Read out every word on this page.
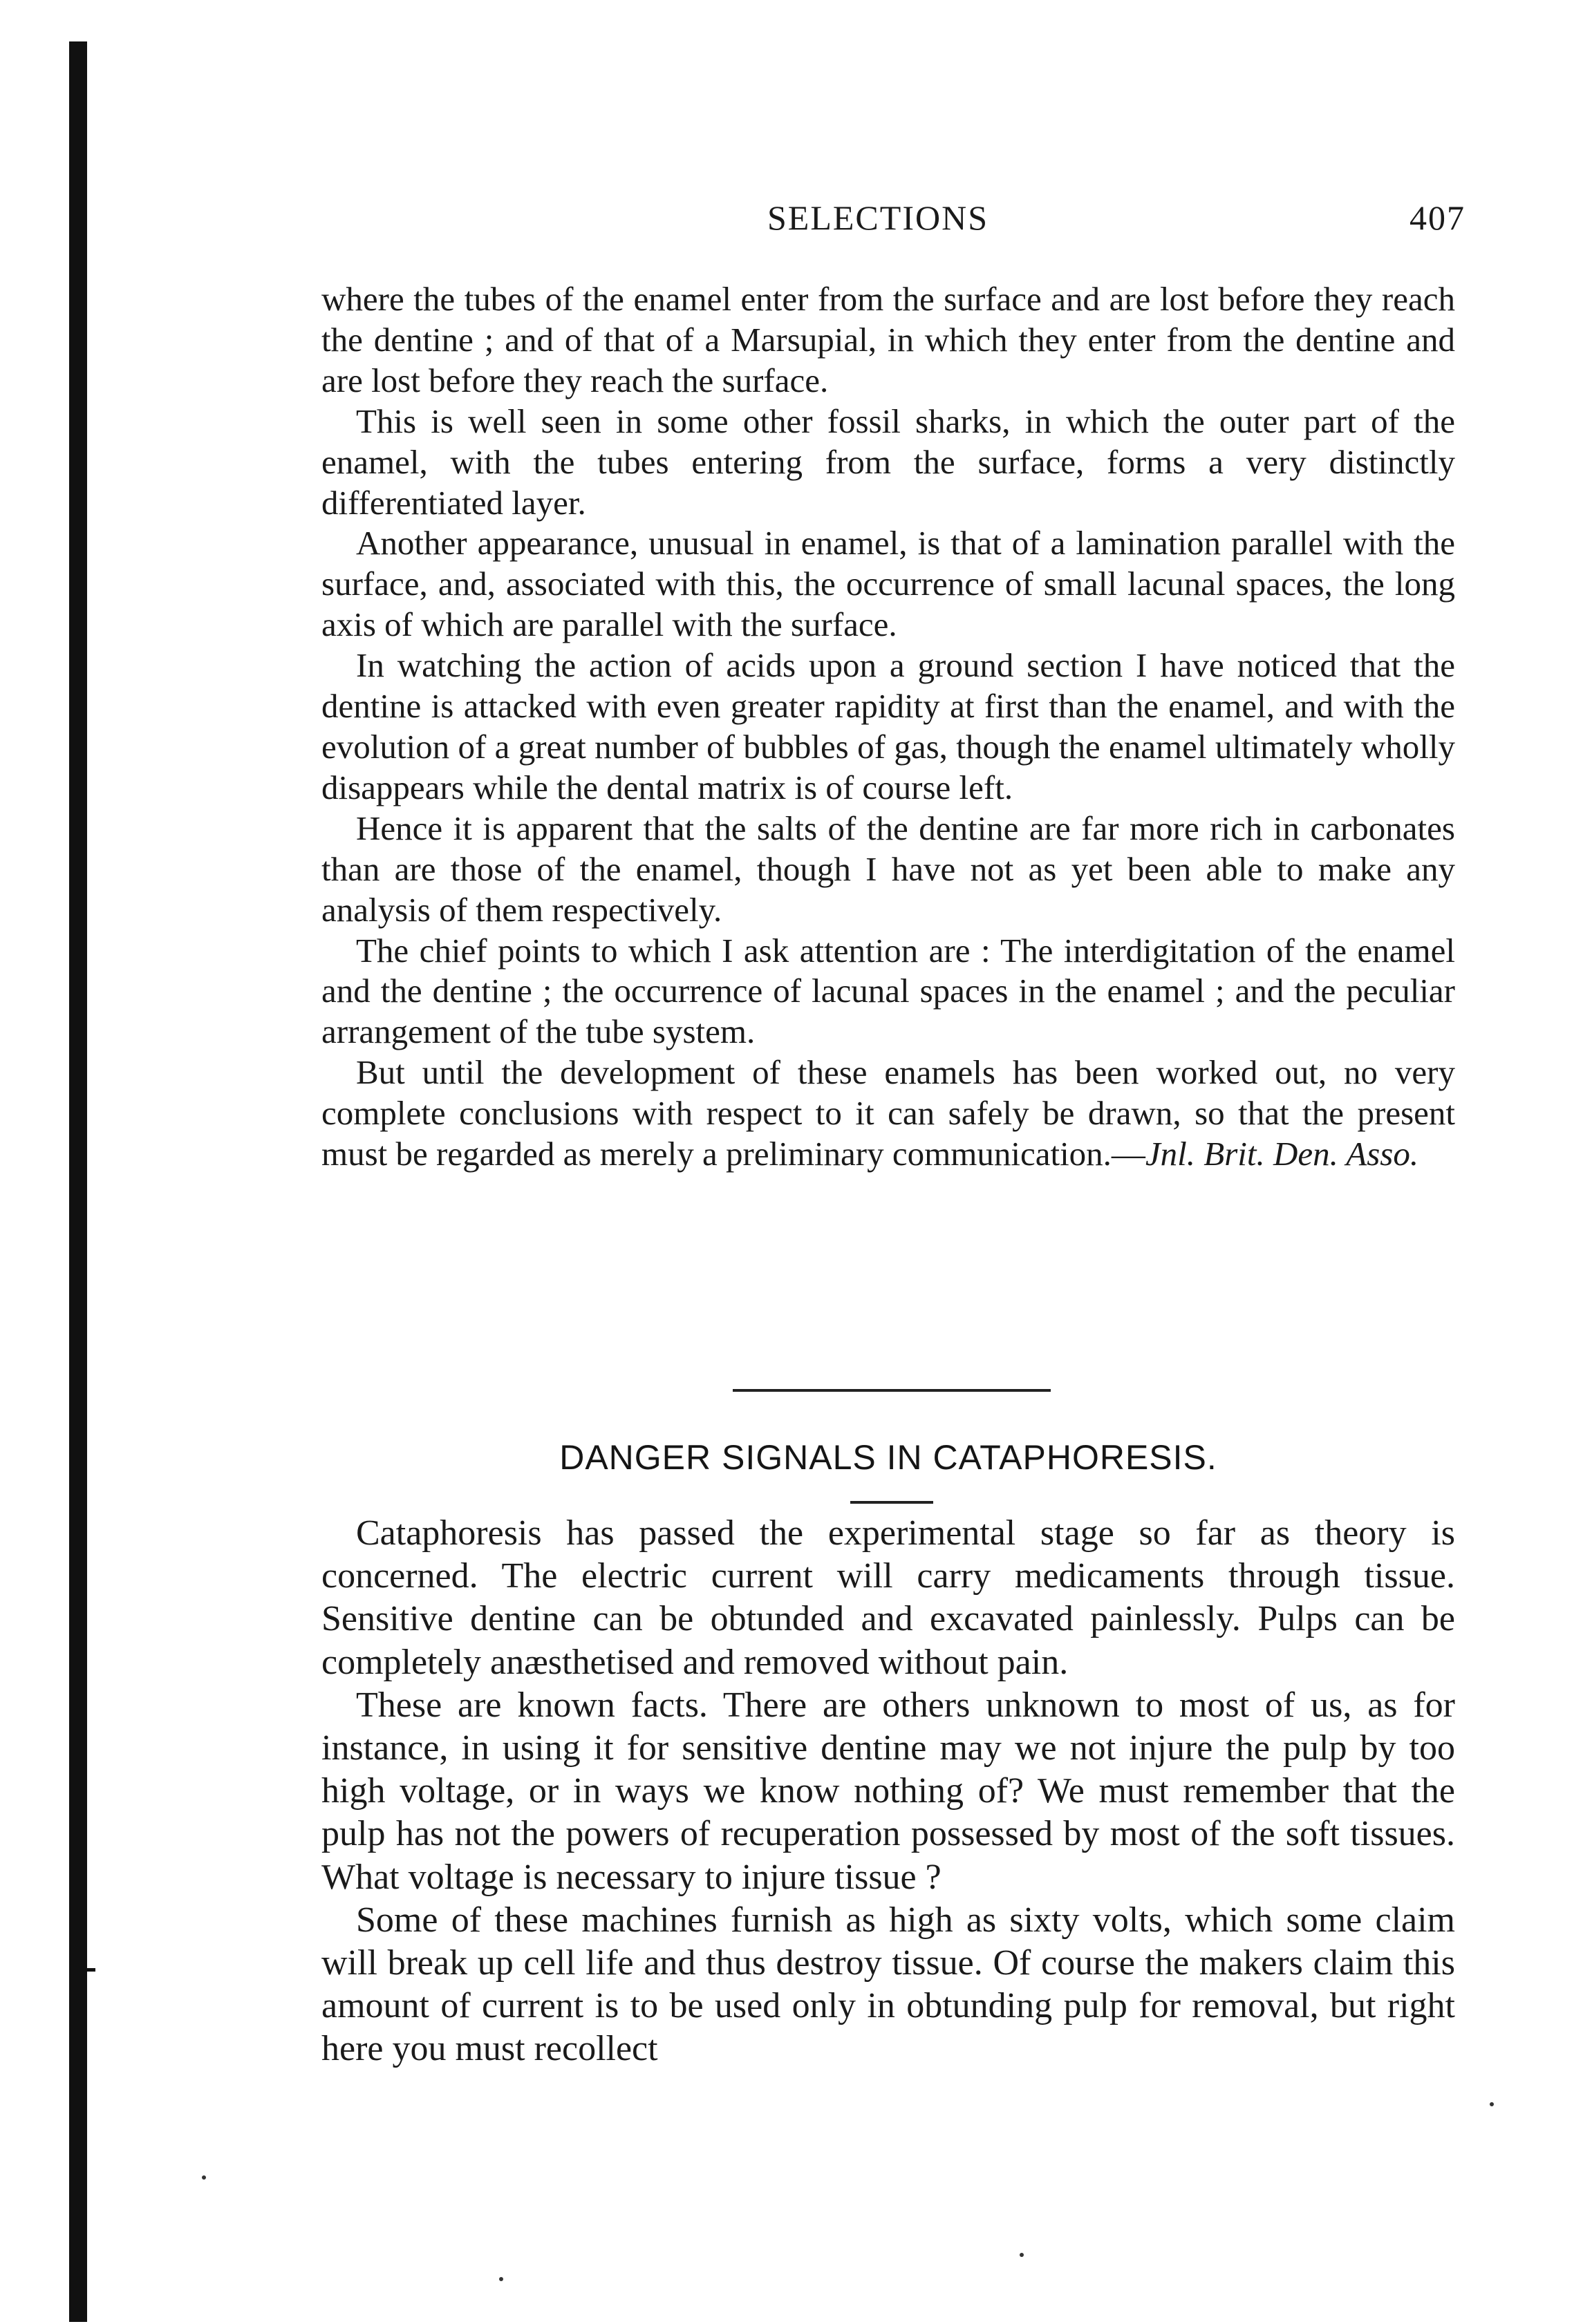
SELECTIONS	407

where the tubes of the enamel enter from the surface and are lost before they reach the dentine ; and of that of a Marsupial, in which they enter from the dentine and are lost before they reach the surface.

This is well seen in some other fossil sharks, in which the outer part of the enamel, with the tubes entering from the surface, forms a very distinctly differentiated layer.

Another appearance, unusual in enamel, is that of a lamination parallel with the surface, and, associated with this, the occurrence of small lacunal spaces, the long axis of which are parallel with the surface.

In watching the action of acids upon a ground section I have noticed that the dentine is attacked with even greater rapidity at first than the enamel, and with the evolution of a great number of bubbles of gas, though the enamel ultimately wholly disappears while the dental matrix is of course left.

Hence it is apparent that the salts of the dentine are far more rich in carbonates than are those of the enamel, though I have not as yet been able to make any analysis of them respectively.

The chief points to which I ask attention are : The interdigitation of the enamel and the dentine ; the occurrence of lacunal spaces in the enamel ; and the peculiar arrangement of the tube system.

But until the development of these enamels has been worked out, no very complete conclusions with respect to it can safely be drawn, so that the present must be regarded as merely a preliminary communication.—Jnl. Brit. Den. Asso.

DANGER SIGNALS IN CATAPHORESIS.

Cataphoresis has passed the experimental stage so far as theory is concerned. The electric current will carry medicaments through tissue. Sensitive dentine can be obtunded and excavated painlessly. Pulps can be completely anæsthetised and removed without pain.

These are known facts. There are others unknown to most of us, as for instance, in using it for sensitive dentine may we not injure the pulp by too high voltage, or in ways we know nothing of? We must remember that the pulp has not the powers of recuperation possessed by most of the soft tissues. What voltage is necessary to injure tissue ?

Some of these machines furnish as high as sixty volts, which some claim will break up cell life and thus destroy tissue. Of course the makers claim this amount of current is to be used only in obtunding pulp for removal, but right here you must recollect
